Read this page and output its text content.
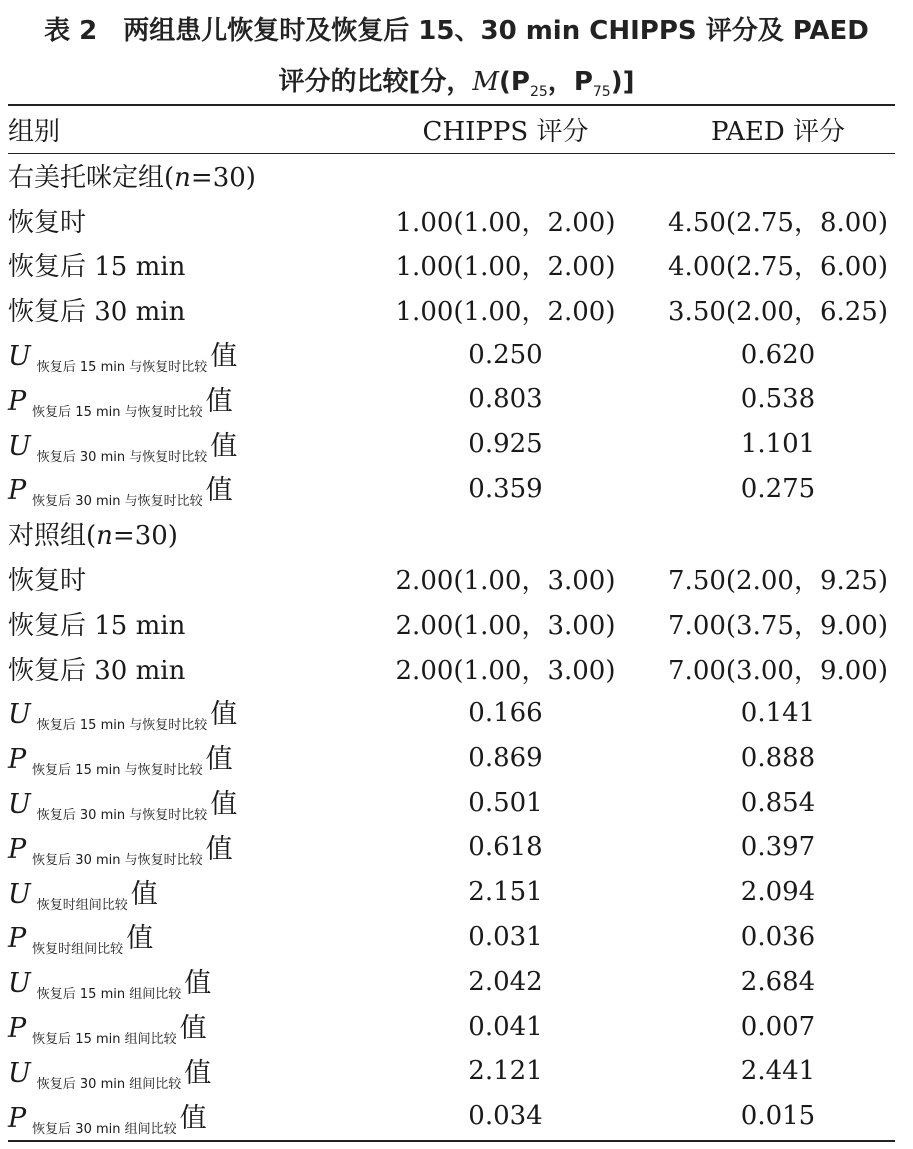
表 2　两组患儿恢复时及恢复后 15、30 min CHIPPS 评分及 PAED
评分的比较[分，$M(P_{25}$，$P_{75}$)]
组别	CHIPPS 评分	PAED 评分
右美托咪定组(n=30)		
恢复时	1.00(1.00，2.00)	4.50(2.75，8.00)
恢复后 15 min	1.00(1.00，2.00)	4.00(2.75，6.00)
恢复后 30 min	1.00(1.00，2.00)	3.50(2.00，6.25)
U $_{恢复后 15 min 与恢复时比较}$ 值	0.250	0.620
P $_{恢复后 15 min 与恢复时比较}$ 值	0.803	0.538
U $_{恢复后 30 min 与恢复时比较}$ 值	0.925	1.101
P $_{恢复后 30 min 与恢复时比较}$ 值	0.359	0.275
对照组(n=30)		
恢复时	2.00(1.00，3.00)	7.50(2.00，9.25)
恢复后 15 min	2.00(1.00，3.00)	7.00(3.75，9.00)
恢复后 30 min	2.00(1.00，3.00)	7.00(3.00，9.00)
U $_{恢复后 15 min 与恢复时比较}$ 值	0.166	0.141
P $_{恢复后 15 min 与恢复时比较}$ 值	0.869	0.888
U $_{恢复后 30 min 与恢复时比较}$ 值	0.501	0.854
P $_{恢复后 30 min 与恢复时比较}$ 值	0.618	0.397
U $_{恢复时组间比较}$ 值	2.151	2.094
P $_{恢复时组间比较}$ 值	0.031	0.036
U $_{恢复后 15 min 组间比较}$ 值	2.042	2.684
P $_{恢复后 15 min 组间比较}$ 值	0.041	0.007
U $_{恢复后 30 min 组间比较}$ 值	2.121	2.441
P $_{恢复后 30 min 组间比较}$ 值	0.034	0.015
